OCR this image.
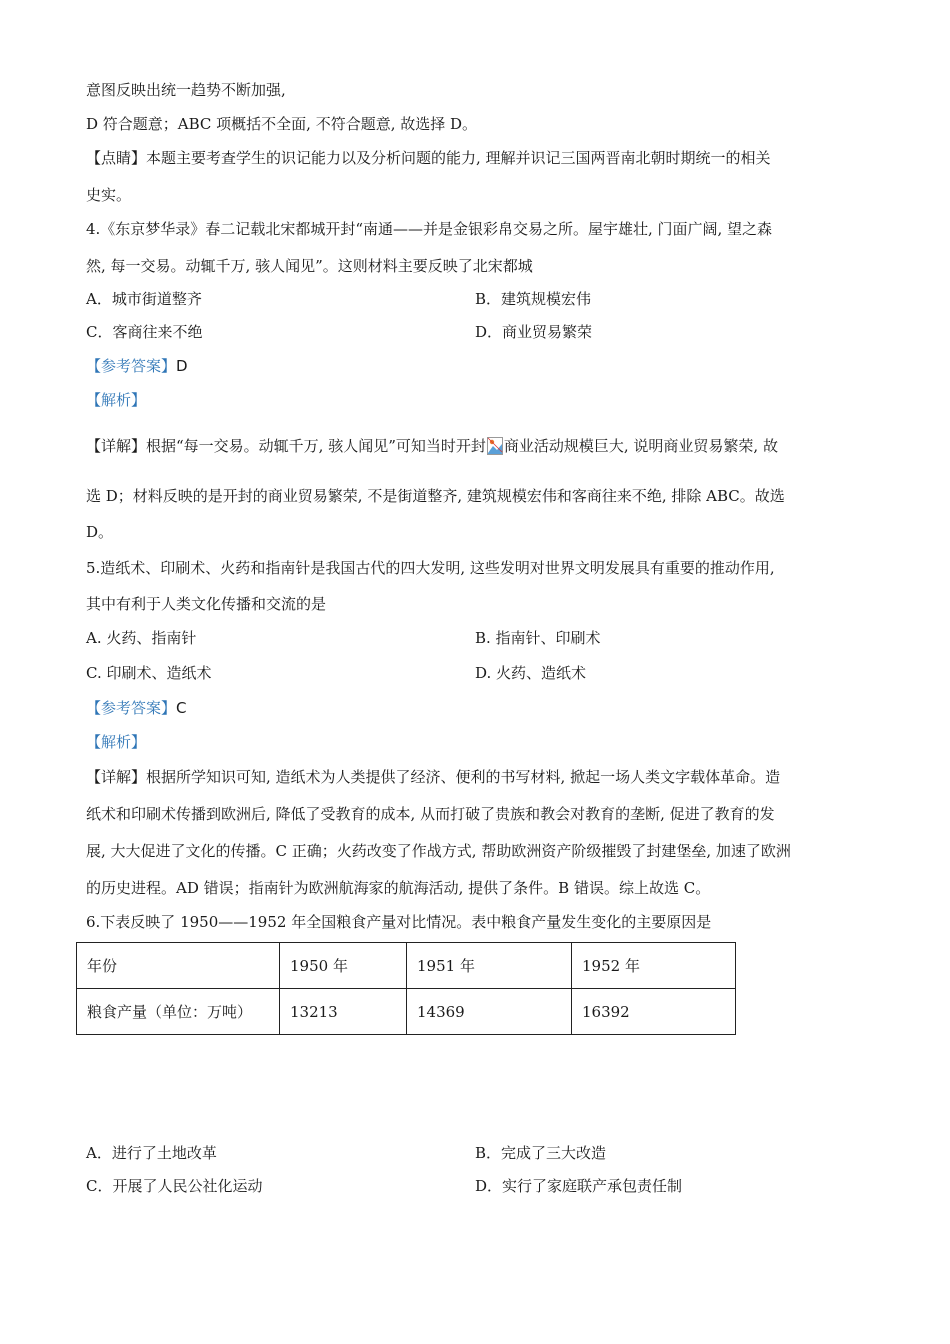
意图反映出统一趋势不断加强,
D 符合题意；ABC 项概括不全面, 不符合题意, 故选择 D。
【点睛】本题主要考查学生的识记能力以及分析问题的能力, 理解并识记三国两晋南北朝时期统一的相关
史实。
4.《东京梦华录》春二记载北宋都城开封“南通——并是金银彩帛交易之所。屋宇雄壮, 门面广阔, 望之森
然, 每一交易。动辄千万, 骇人闻见”。这则材料主要反映了北宋都城
A．城市街道整齐	B．建筑规模宏伟
C．客商往来不绝	D．商业贸易繁荣
【参考答案】D
【解析】
【详解】根据“每一交易。动辄千万, 骇人闻见”可知当时开封 商业活动规模巨大, 说明商业贸易繁荣, 故
选 D；材料反映的是开封的商业贸易繁荣, 不是街道整齐, 建筑规模宏伟和客商往来不绝, 排除 ABC。故选
D。
5.造纸术、印刷术、火药和指南针是我国古代的四大发明, 这些发明对世界文明发展具有重要的推动作用,
其中有利于人类文化传播和交流的是
A. 火药、指南针	B. 指南针、印刷术
C. 印刷术、造纸术	D. 火药、造纸术
【参考答案】C
【解析】
【详解】根据所学知识可知, 造纸术为人类提供了经济、便利的书写材料, 掀起一场人类文字载体革命。造
纸术和印刷术传播到欧洲后, 降低了受教育的成本, 从而打破了贵族和教会对教育的垄断, 促进了教育的发
展, 大大促进了文化的传播。C 正确；火药改变了作战方式, 帮助欧洲资产阶级摧毁了封建堡垒, 加速了欧洲
的历史进程。AD 错误；指南针为欧洲航海家的航海活动, 提供了条件。B 错误。综上故选 C。
6.下表反映了 1950——1952 年全国粮食产量对比情况。表中粮食产量发生变化的主要原因是
年份	1950 年	1951 年	1952 年
粮食产量（单位：万吨）	13213	14369	16392
A．进行了土地改革	B．完成了三大改造
C．开展了人民公社化运动	D．实行了家庭联产承包责任制
